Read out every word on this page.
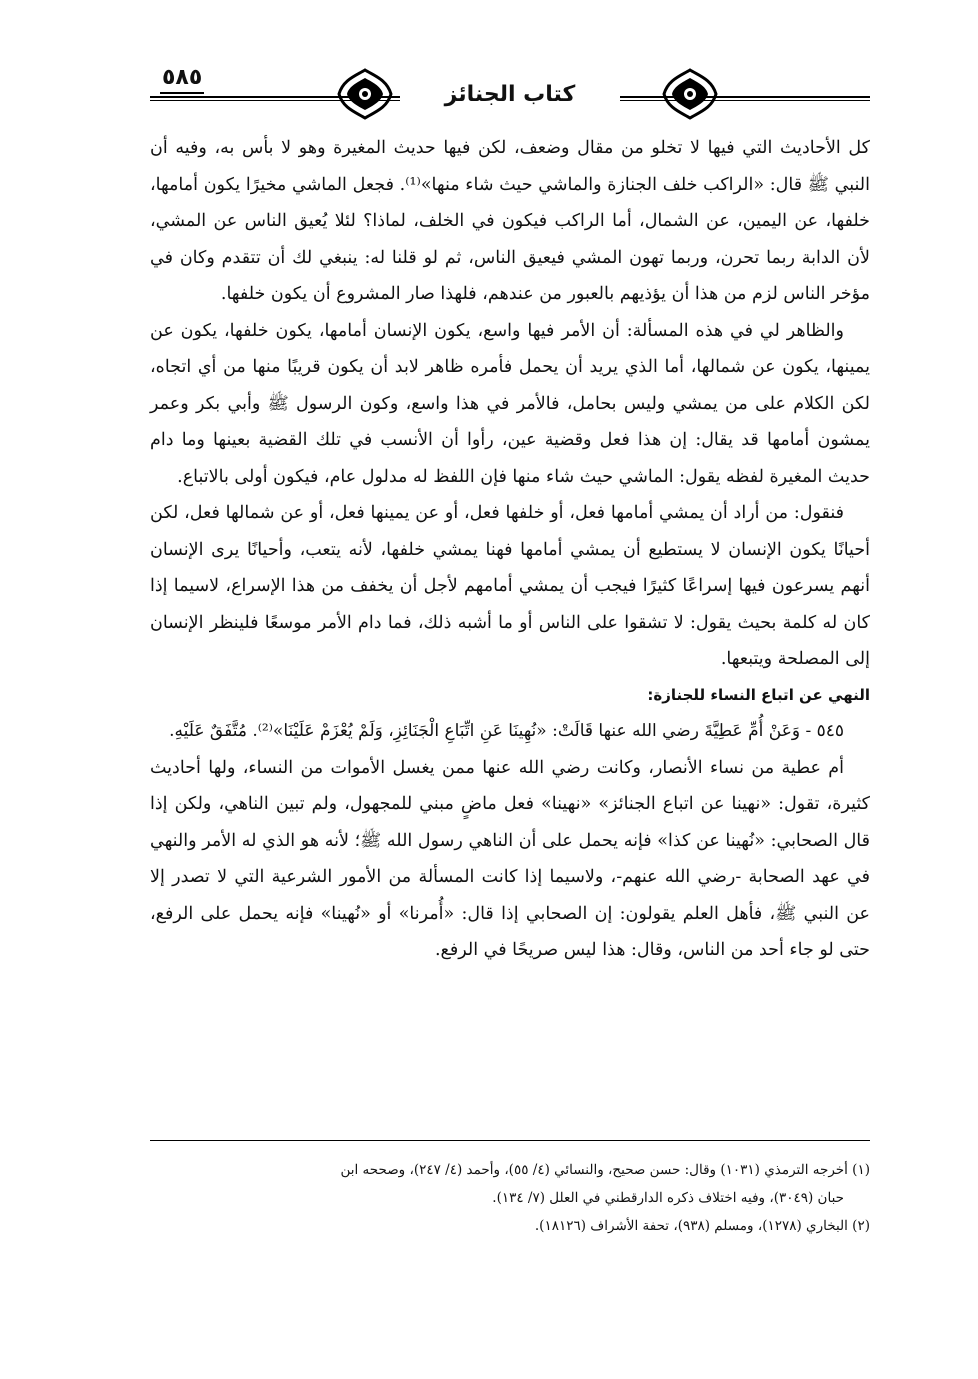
كتاب الجنائز
٥٨٥

كل الأحاديث التي فيها لا تخلو من مقال وضعف، لكن فيها حديث المغيرة وهو لا بأس به، وفيه أن النبي ﷺ قال: «الراكب خلف الجنازة والماشي حيث شاء منها»⁽¹⁾. فجعل الماشي مخيرًا يكون أمامها، خلفها، عن اليمين، عن الشمال، أما الراكب فيكون في الخلف، لماذا؟ لئلا يُعيق الناس عن المشي، لأن الدابة ربما تحرن، وربما تهون المشي فيعيق الناس، ثم لو قلنا له: ينبغي لك أن تتقدم وكان في مؤخر الناس لزم من هذا أن يؤذيهم بالعبور من عندهم، فلهذا صار المشروع أن يكون خلفها.

والظاهر لي في هذه المسألة: أن الأمر فيها واسع، يكون الإنسان أمامها، يكون خلفها، يكون عن يمينها، يكون عن شمالها، أما الذي يريد أن يحمل فأمره ظاهر لابد أن يكون قريبًا منها من أي اتجاه، لكن الكلام على من يمشي وليس بحامل، فالأمر في هذا واسع، وكون الرسول ﷺ وأبي بكر وعمر يمشون أمامها قد يقال: إن هذا فعل وقضية عين، رأوا أن الأنسب في تلك القضية بعينها وما دام حديث المغيرة لفظه يقول: الماشي حيث شاء منها فإن اللفظ له مدلول عام، فيكون أولى بالاتباع.

فنقول: من أراد أن يمشي أمامها فعل، أو خلفها فعل، أو عن يمينها فعل، أو عن شمالها فعل، لكن أحيانًا يكون الإنسان لا يستطيع أن يمشي أمامها فهنا يمشي خلفها، لأنه يتعب، وأحيانًا يرى الإنسان أنهم يسرعون فيها إسراعًا كثيرًا فيجب أن يمشي أمامهم لأجل أن يخفف من هذا الإسراع، لاسيما إذا كان له كلمة بحيث يقول: لا تشقوا على الناس أو ما أشبه ذلك، فما دام الأمر موسعًا فلينظر الإنسان إلى المصلحة ويتبعها.

النهي عن اتباع النساء للجنازة:

٥٤٥ - وَعَنْ أُمِّ عَطِيَّةَ رضي الله عنها قَالَتْ: «نُهِينَا عَنِ اتِّبَاعِ الْجَنَائِزِ، وَلَمْ يُعْزَمْ عَلَيْنَا»⁽²⁾. مُتَّفَقٌ عَلَيْهِ.

أم عطية من نساء الأنصار، وكانت رضي الله عنها ممن يغسل الأموات من النساء، ولها أحاديث كثيرة، تقول: «نهينا عن اتباع الجنائز» «نهينا» فعل ماضٍ مبني للمجهول، ولم تبين الناهي، ولكن إذا قال الصحابي: «نُهينا عن كذا» فإنه يحمل على أن الناهي رسول الله ﷺ؛ لأنه هو الذي له الأمر والنهي في عهد الصحابة -رضي الله عنهم-، ولاسيما إذا كانت المسألة من الأمور الشرعية التي لا تصدر إلا عن النبي ﷺ، فأهل العلم يقولون: إن الصحابي إذا قال: «أُمرنا» أو «نُهينا» فإنه يحمل على الرفع، حتى لو جاء أحد من الناس، وقال: هذا ليس صريحًا في الرفع.

(١) أخرجه الترمذي (١٠٣١) وقال: حسن صحيح، والنسائي (٤/ ٥٥)، وأحمد (٤/ ٢٤٧)، وصححه ابن

حبان (٣٠٤٩)، وفيه اختلاف ذكره الدارقطني في العلل (٧/ ١٣٤).

(٢) البخاري (١٢٧٨)، ومسلم (٩٣٨)، تحفة الأشراف (١٨١٢٦).
